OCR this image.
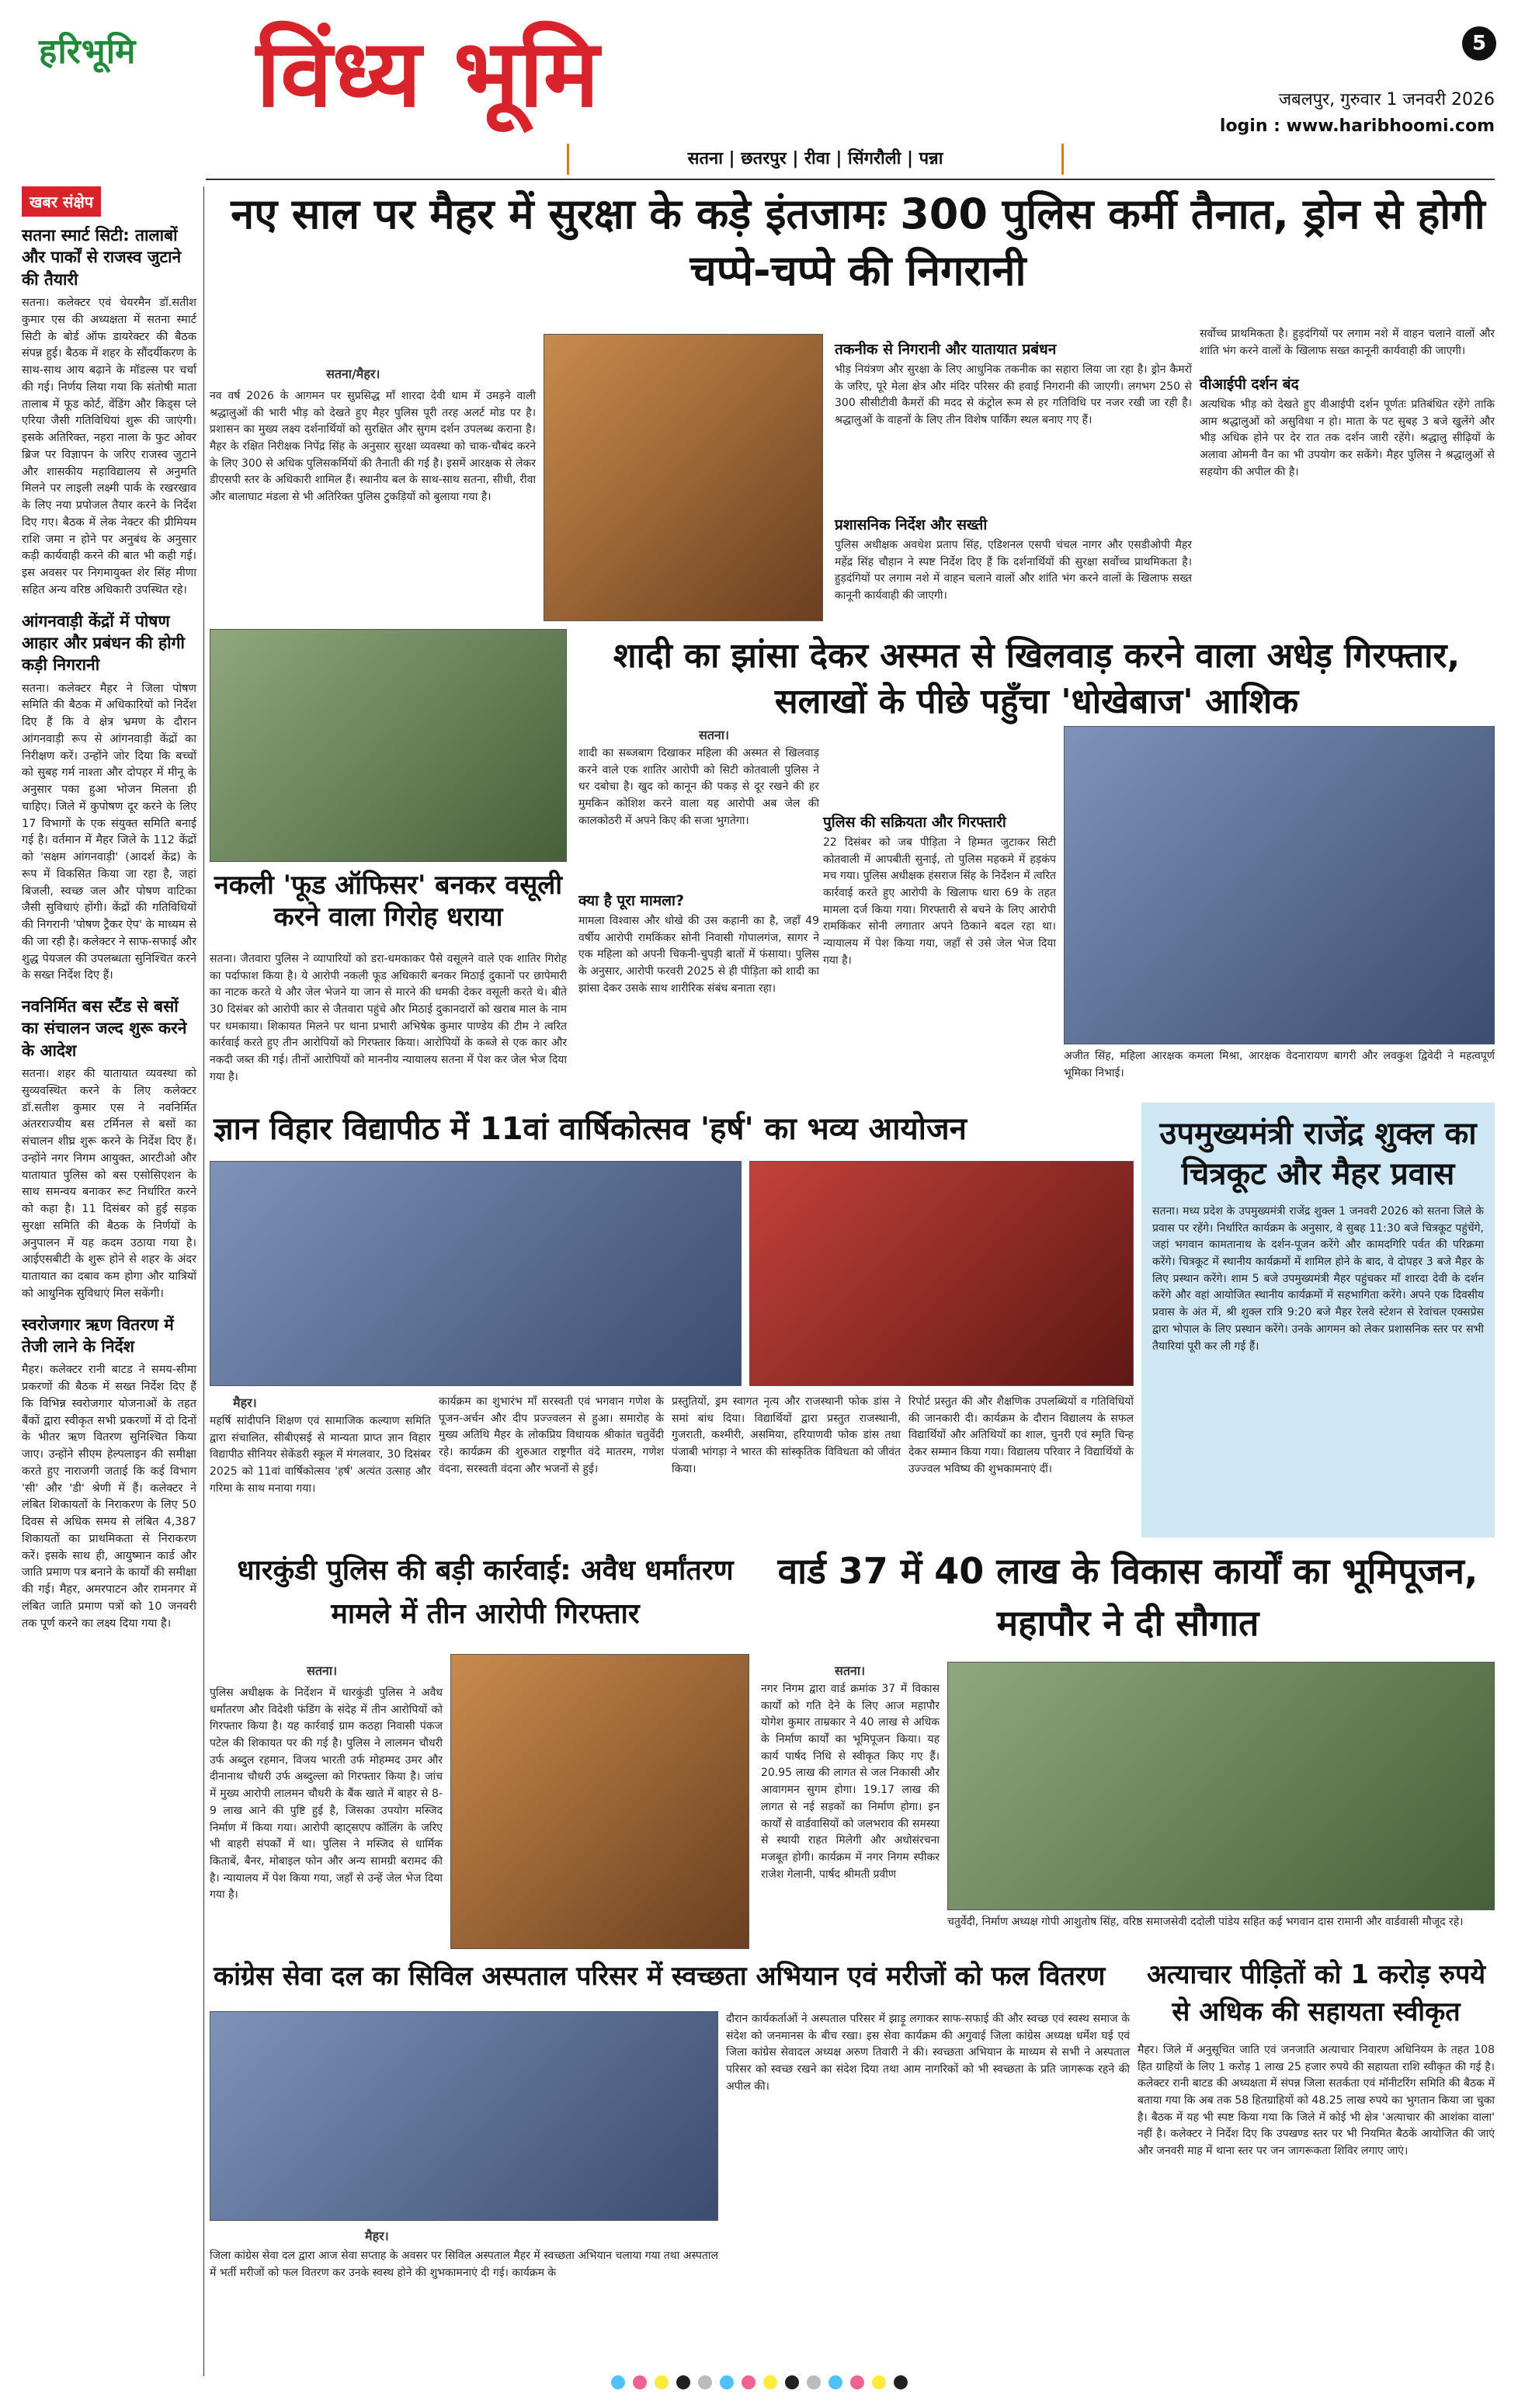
हरिभूमि विंध्य भूमि	5
जबलपुर, गुरुवार 1 जनवरी 2026
login : www.haribhoomi.com
सतना | छतरपुर | रीवा | सिंगरौली | पन्ना
खबर संक्षेप
सतना स्मार्ट सिटी: तालाबों और पार्कों से राजस्व जुटाने की तैयारी

सतना। कलेक्टर एवं चेयरमैन डॉ.सतीश कुमार एस की अध्यक्षता में सतना स्मार्ट सिटी के बोर्ड ऑफ डायरेक्टर की बैठक संपन्न हुई। बैठक में शहर के सौंदर्यीकरण के साथ-साथ आय बढ़ाने के मॉडल्स पर चर्चा की गई। निर्णय लिया गया कि संतोषी माता तालाब में फूड कोर्ट, वेंडिंग और किड्स प्ले एरिया जैसी गतिविधियां शुरू की जाएंगी। इसके अतिरिक्त, नहरा नाला के फुट ओवर ब्रिज पर विज्ञापन के जरिए राजस्व जुटाने और शासकीय महाविद्यालय से अनुमति मिलने पर लाइली लक्ष्मी पार्क के रखरखाव के लिए नया प्रपोजल तैयार करने के निर्देश दिए गए। बैठक में लेक नेक्टर की प्रीमियम राशि जमा न होने पर अनुबंध के अनुसार कड़ी कार्यवाही करने की बात भी कही गई। इस अवसर पर निगमायुक्त शेर सिंह मीणा सहित अन्य वरिष्ठ अधिकारी उपस्थित रहे।

आंगनवाड़ी केंद्रों में पोषण आहार और प्रबंधन की होगी कड़ी निगरानी

सतना। कलेक्टर मैहर ने जिला पोषण समिति की बैठक में अधिकारियों को निर्देश दिए हैं कि वे क्षेत्र भ्रमण के दौरान आंगनवाड़ी रूप से आंगनवाड़ी केंद्रों का निरीक्षण करें। उन्होंने जोर दिया कि बच्चों को सुबह गर्म नाश्ता और दोपहर में मीनू के अनुसार पका हुआ भोजन मिलना ही चाहिए। जिले में कुपोषण दूर करने के लिए 17 विभागों के एक संयुक्त समिति बनाई गई है। वर्तमान में मैहर जिले के 112 केंद्रों को 'सक्षम आंगनवाड़ी' (आदर्श केंद्र) के रूप में विकसित किया जा रहा है, जहां बिजली, स्वच्छ जल और पोषण वाटिका जैसी सुविधाएं होंगी। केंद्रों की गतिविधियों की निगरानी 'पोषण ट्रैकर ऐप' के माध्यम से की जा रही है। कलेक्टर ने साफ-सफाई और शुद्ध पेयजल की उपलब्धता सुनिश्चित करने के सख्त निर्देश दिए हैं।

नवनिर्मित बस स्टैंड से बसों का संचालन जल्द शुरू करने के आदेश

सतना। शहर की यातायात व्यवस्था को सुव्यवस्थित करने के लिए कलेक्टर डॉ.सतीश कुमार एस ने नवनिर्मित अंतरराज्यीय बस टर्मिनल से बसों का संचालन शीघ्र शुरू करने के निर्देश दिए हैं। उन्होंने नगर निगम आयुक्त, आरटीओ और यातायात पुलिस को बस एसोसिएशन के साथ समन्वय बनाकर रूट निर्धारित करने को कहा है। 11 दिसंबर को हुई सड़क सुरक्षा समिति की बैठक के निर्णयों के अनुपालन में यह कदम उठाया गया है। आईएसबीटी के शुरू होने से शहर के अंदर यातायात का दबाव कम होगा और यात्रियों को आधुनिक सुविधाएं मिल सकेंगी।

स्वरोजगार ऋण वितरण में तेजी लाने के निर्देश

मैहर। कलेक्टर रानी बाटड ने समय-सीमा प्रकरणों की बैठक में सख्त निर्देश दिए हैं कि विभिन्न स्वरोजगार योजनाओं के तहत बैंकों द्वारा स्वीकृत सभी प्रकरणों में दो दिनों के भीतर ऋण वितरण सुनिश्चित किया जाए। उन्होंने सीएम हेल्पलाइन की समीक्षा करते हुए नाराजगी जताई कि कई विभाग 'सी' और 'डी' श्रेणी में हैं। कलेक्टर ने लंबित शिकायतों के निराकरण के लिए 50 दिवस से अधिक समय से लंबित 4,387 शिकायतों का प्राथमिकता से निराकरण करें। इसके साथ ही, आयुष्मान कार्ड और जाति प्रमाण पत्र बनाने के कार्यों की समीक्षा की गई। मैहर, अमरपाटन और रामनगर में लंबित जाति प्रमाण पत्रों को 10 जनवरी तक पूर्ण करने का लक्ष्य दिया गया है।

नए साल पर मैहर में सुरक्षा के कड़े इंतजामः 300 पुलिस कर्मी तैनात, ड्रोन से होगी चप्पे-चप्पे की निगरानी
सतना/मैहर।
नव वर्ष 2026 के आगमन पर सुप्रसिद्ध माँ शारदा देवी धाम में उमड़ने वाली श्रद्धालुओं की भारी भीड़ को देखते हुए मैहर पुलिस पूरी तरह अलर्ट मोड पर है। प्रशासन का मुख्य लक्ष्य दर्शनार्थियों को सुरक्षित और सुगम दर्शन उपलब्ध कराना है। मैहर के रक्षित निरीक्षक निपेंद्र सिंह के अनुसार सुरक्षा व्यवस्था को चाक-चौबंद करने के लिए 300 से अधिक पुलिसकर्मियों की तैनाती की गई है। इसमें आरक्षक से लेकर डीएसपी स्तर के अधिकारी शामिल हैं। स्थानीय बल के साथ-साथ सतना, सीधी, रीवा और बालाघाट मंडला से भी अतिरिक्त पुलिस टुकड़ियों को बुलाया गया है।
तकनीक से निगरानी और यातायात प्रबंधन
भीड़ नियंत्रण और सुरक्षा के लिए आधुनिक तकनीक का सहारा लिया जा रहा है। ड्रोन कैमरों के जरिए, पूरे मेला क्षेत्र और मंदिर परिसर की हवाई निगरानी की जाएगी। लगभग 250 से 300 सीसीटीवी कैमरों की मदद से कंट्रोल रूम से हर गतिविधि पर नजर रखी जा रही है। श्रद्धालुओं के वाहनों के लिए तीन विशेष पार्किंग स्थल बनाए गए हैं।
प्रशासनिक निर्देश और सख्ती
पुलिस अधीक्षक अवधेश प्रताप सिंह, एडिशनल एसपी चंचल नागर और एसडीओपी मैहर महेंद्र सिंह चौहान ने स्पष्ट निर्देश दिए हैं कि दर्शनार्थियों की सुरक्षा सर्वोच्च प्राथमिकता है। हुड़दंगियों पर लगाम नशे में वाहन चलाने वालों और शांति भंग करने वालों के खिलाफ सख्त कानूनी कार्यवाही की जाएगी।
सर्वोच्च प्राथमिकता है। हुड़दंगियों पर लगाम नशे में वाहन चलाने वालों और शांति भंग करने वालों के खिलाफ सख्त कानूनी कार्यवाही की जाएगी।
वीआईपी दर्शन बंद
अत्यधिक भीड़ को देखते हुए वीआईपी दर्शन पूर्णतः प्रतिबंधित रहेंगे ताकि आम श्रद्धालुओं को असुविधा न हो। माता के पट सुबह 3 बजे खुलेंगे और भीड़ अधिक होने पर देर रात तक दर्शन जारी रहेंगे। श्रद्धालु सीढ़ियों के अलावा ओमनी वैन का भी उपयोग कर सकेंगे। मैहर पुलिस ने श्रद्धालुओं से सहयोग की अपील की है।
नकली 'फूड ऑफिसर' बनकर वसूली करने वाला गिरोह धराया
सतना। जैतवारा पुलिस ने व्यापारियों को डरा-धमकाकर पैसे वसूलने वाले एक शातिर गिरोह का पर्दाफाश किया है। ये आरोपी नकली फूड अधिकारी बनकर मिठाई दुकानों पर छापेमारी का नाटक करते थे और जेल भेजने या जान से मारने की धमकी देकर वसूली करते थे। बीते 30 दिसंबर को आरोपी कार से जैतवारा पहुंचे और मिठाई दुकानदारों को खराब माल के नाम पर धमकाया। शिकायत मिलने पर थाना प्रभारी अभिषेक कुमार पाण्डेय की टीम ने त्वरित कार्रवाई करते हुए तीन आरोपियों को गिरफ्तार किया। आरोपियों के कब्जे से एक कार और नकदी जब्त की गई। तीनों आरोपियों को माननीय न्यायालय सतना में पेश कर जेल भेज दिया गया है।
शादी का झांसा देकर अस्मत से खिलवाड़ करने वाला अधेड़ गिरफ्तार, सलाखों के पीछे पहुँचा 'धोखेबाज' आशिक
सतना।
शादी का सब्जबाग दिखाकर महिला की अस्मत से खिलवाड़ करने वाले एक शातिर आरोपी को सिटी कोतवाली पुलिस ने धर दबोचा है। खुद को कानून की पकड़ से दूर रखने की हर मुमकिन कोशिश करने वाला यह आरोपी अब जेल की कालकोठरी में अपने किए की सजा भुगतेगा।
क्या है पूरा मामला?
मामला विश्वास और धोखे की उस कहानी का है, जहाँ 49 वर्षीय आरोपी रामकिंकर सोनी निवासी गोपालगंज, सागर ने एक महिला को अपनी चिकनी-चुपड़ी बातों में फंसाया। पुलिस के अनुसार, आरोपी फरवरी 2025 से ही पीड़िता को शादी का झांसा देकर उसके साथ शारीरिक संबंध बनाता रहा।
पुलिस की सक्रियता और गिरफ्तारी
22 दिसंबर को जब पीड़िता ने हिम्मत जुटाकर सिटी कोतवाली में आपबीती सुनाई, तो पुलिस महकमे में हड़कंप मच गया। पुलिस अधीक्षक हंसराज सिंह के निर्देशन में त्वरित कार्रवाई करते हुए आरोपी के खिलाफ धारा 69 के तहत मामला दर्ज किया गया। गिरफ्तारी से बचने के लिए आरोपी रामकिंकर सोनी लगातार अपने ठिकाने बदल रहा था। न्यायालय में पेश किया गया, जहाँ से उसे जेल भेज दिया गया है।
अजीत सिंह, महिला आरक्षक कमला मिश्रा, आरक्षक वेदनारायण बागरी और लवकुश द्विवेदी ने महत्वपूर्ण भूमिका निभाई।
ज्ञान विहार विद्यापीठ में 11वां वार्षिकोत्सव 'हर्ष' का भव्य आयोजन
मैहर।
महर्षि सांदीपनि शिक्षण एवं सामाजिक कल्याण समिति द्वारा संचालित, सीबीएसई से मान्यता प्राप्त ज्ञान विहार विद्यापीठ सीनियर सेकेंडरी स्कूल में मंगलवार, 30 दिसंबर 2025 को 11वां वार्षिकोत्सव 'हर्ष' अत्यंत उत्साह और गरिमा के साथ मनाया गया।
कार्यक्रम का शुभारंभ माँ सरस्वती एवं भगवान गणेश के पूजन-अर्चन और दीप प्रज्ज्वलन से हुआ। समारोह के मुख्य अतिथि मैहर के लोकप्रिय विधायक श्रीकांत चतुर्वेदी रहे। कार्यक्रम की शुरुआत राष्ट्रगीत वंदे मातरम, गणेश वंदना, सरस्वती वंदना और भजनों से हुई।
प्रस्तुतियों, ड्रम स्वागत नृत्य और राजस्थानी फोक डांस ने समां बांध दिया। विद्यार्थियों द्वारा प्रस्तुत राजस्थानी, गुजराती, कश्मीरी, असमिया, हरियाणवी फोक डांस तथा पंजाबी भांगड़ा ने भारत की सांस्कृतिक विविधता को जीवंत किया।
रिपोर्ट प्रस्तुत की और शैक्षणिक उपलब्धियों व गतिविधियों की जानकारी दी। कार्यक्रम के दौरान विद्यालय के सफल विद्यार्थियों और अतिथियों का शाल, चुनरी एवं स्मृति चिन्ह देकर सम्मान किया गया। विद्यालय परिवार ने विद्यार्थियों के उज्ज्वल भविष्य की शुभकामनाएं दीं।
उपमुख्यमंत्री राजेंद्र शुक्ल का चित्रकूट और मैहर प्रवास
सतना। मध्य प्रदेश के उपमुख्यमंत्री राजेंद्र शुक्ल 1 जनवरी 2026 को सतना जिले के प्रवास पर रहेंगे। निर्धारित कार्यक्रम के अनुसार, वे सुबह 11:30 बजे चित्रकूट पहुंचेंगे, जहां भगवान कामतानाथ के दर्शन-पूजन करेंगे और कामदगिरि पर्वत की परिक्रमा करेंगे। चित्रकूट में स्थानीय कार्यक्रमों में शामिल होने के बाद, वे दोपहर 3 बजे मैहर के लिए प्रस्थान करेंगे। शाम 5 बजे उपमुख्यमंत्री मैहर पहुंचकर माँ शारदा देवी के दर्शन करेंगे और वहां आयोजित स्थानीय कार्यक्रमों में सहभागिता करेंगे। अपने एक दिवसीय प्रवास के अंत में, श्री शुक्ल रात्रि 9:20 बजे मैहर रेलवे स्टेशन से रेवांचल एक्सप्रेस द्वारा भोपाल के लिए प्रस्थान करेंगे। उनके आगमन को लेकर प्रशासनिक स्तर पर सभी तैयारियां पूरी कर ली गई हैं।
धारकुंडी पुलिस की बड़ी कार्रवाई: अवैध धर्मांतरण मामले में तीन आरोपी गिरफ्तार
सतना।
पुलिस अधीक्षक के निर्देशन में धारकुंडी पुलिस ने अवैध धर्मांतरण और विदेशी फंडिंग के संदेह में तीन आरोपियों को गिरफ्तार किया है। यह कार्रवाई ग्राम कठहा निवासी पंकज पटेल की शिकायत पर की गई है। पुलिस ने लालमन चौधरी उर्फ अब्दुल रहमान, विजय भारती उर्फ मोहम्मद उमर और दीनानाथ चौधरी उर्फ अब्दुल्ला को गिरफ्तार किया है। जांच में मुख्य आरोपी लालमन चौधरी के बैंक खाते में बाहर से 8-9 लाख आने की पुष्टि हुई है, जिसका उपयोग मस्जिद निर्माण में किया गया। आरोपी व्हाट्सएप कॉलिंग के जरिए भी बाहरी संपर्कों में था। पुलिस ने मस्जिद से धार्मिक किताबें, बैनर, मोबाइल फोन और अन्य सामग्री बरामद की है। न्यायालय में पेश किया गया, जहाँ से उन्हें जेल भेज दिया गया है।
वार्ड 37 में 40 लाख के विकास कार्यों का भूमिपूजन, महापौर ने दी सौगात
सतना।
नगर निगम द्वारा वार्ड क्रमांक 37 में विकास कार्यों को गति देने के लिए आज महापौर योगेश कुमार ताम्रकार ने 40 लाख से अधिक के निर्माण कार्यों का भूमिपूजन किया। यह कार्य पार्षद निधि से स्वीकृत किए गए हैं। 20.95 लाख की लागत से जल निकासी और आवागमन सुगम होगा। 19.17 लाख की लागत से नई सड़कों का निर्माण होगा। इन कार्यों से वार्डवासियों को जलभराव की समस्या से स्थायी राहत मिलेगी और अधोसंरचना मजबूत होगी। कार्यक्रम में नगर निगम स्पीकर राजेश गेलानी, पार्षद श्रीमती प्रवीण
चतुर्वेदी, निर्माण अध्यक्ष गोपी आशुतोष सिंह, वरिष्ठ समाजसेवी ददोली पांडेय सहित कई भगवान दास रामानी और वार्डवासी मौजूद रहे।
कांग्रेस सेवा दल का सिविल अस्पताल परिसर में स्वच्छता अभियान एवं मरीजों को फल वितरण
मैहर।
जिला कांग्रेस सेवा दल द्वारा आज सेवा सप्ताह के अवसर पर सिविल अस्पताल मैहर में स्वच्छता अभियान चलाया गया तथा अस्पताल में भर्ती मरीजों को फल वितरण कर उनके स्वस्थ होने की शुभकामनाएं दी गई। कार्यक्रम के
दौरान कार्यकर्ताओं ने अस्पताल परिसर में झाड़ू लगाकर साफ-सफाई की और स्वच्छ एवं स्वस्थ समाज के संदेश को जनमानस के बीच रखा। इस सेवा कार्यक्रम की अगुवाई जिला कांग्रेस अध्यक्ष धर्मेश घई एवं जिला कांग्रेस सेवादल अध्यक्ष अरुण तिवारी ने की। स्वच्छता अभियान के माध्यम से सभी ने अस्पताल परिसर को स्वच्छ रखने का संदेश दिया तथा आम नागरिकों को भी स्वच्छता के प्रति जागरूक रहने की अपील की।
अत्याचार पीड़ितों को 1 करोड़ रुपये से अधिक की सहायता स्वीकृत
मैहर। जिले में अनुसूचित जाति एवं जनजाति अत्याचार निवारण अधिनियम के तहत 108 हित ग्राहियों के लिए 1 करोड़ 1 लाख 25 हजार रुपये की सहायता राशि स्वीकृत की गई है। कलेक्टर रानी बाटड की अध्यक्षता में संपन्न जिला सतर्कता एवं मॉनीटरिंग समिति की बैठक में बताया गया कि अब तक 58 हितग्राहियों को 48.25 लाख रुपये का भुगतान किया जा चुका है। बैठक में यह भी स्पष्ट किया गया कि जिले में कोई भी क्षेत्र 'अत्याचार की आशंका वाला' नहीं है। कलेक्टर ने निर्देश दिए कि उपखण्ड स्तर पर भी नियमित बैठकें आयोजित की जाएं और जनवरी माह में थाना स्तर पर जन जागरूकता शिविर लगाए जाएं।
